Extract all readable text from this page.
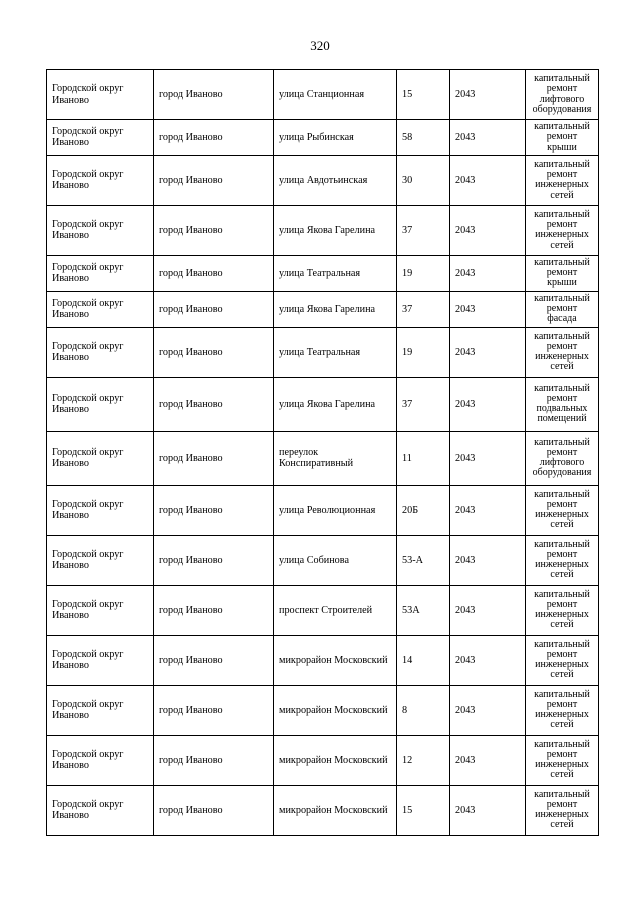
320
Городской округ Иваново	город Иваново	улица Станционная	15	2043	капитальный ремонт лифтового оборудования
Городской округ Иваново	город Иваново	улица Рыбинская	58	2043	капитальный ремонт крыши
Городской округ Иваново	город Иваново	улица Авдотьинская	30	2043	капитальный ремонт инженерных сетей
Городской округ Иваново	город Иваново	улица Якова Гарелина	37	2043	капитальный ремонт инженерных сетей
Городской округ Иваново	город Иваново	улица Театральная	19	2043	капитальный ремонт крыши
Городской округ Иваново	город Иваново	улица Якова Гарелина	37	2043	капитальный ремонт фасада
Городской округ Иваново	город Иваново	улица Театральная	19	2043	капитальный ремонт инженерных сетей
Городской округ Иваново	город Иваново	улица Якова Гарелина	37	2043	капитальный ремонт подвальных помещений
Городской округ Иваново	город Иваново	переулок Конспиративный	11	2043	капитальный ремонт лифтового оборудования
Городской округ Иваново	город Иваново	улица Революционная	20Б	2043	капитальный ремонт инженерных сетей
Городской округ Иваново	город Иваново	улица Собинова	53-А	2043	капитальный ремонт инженерных сетей
Городской округ Иваново	город Иваново	проспект Строителей	53А	2043	капитальный ремонт инженерных сетей
Городской округ Иваново	город Иваново	микрорайон Московский	14	2043	капитальный ремонт инженерных сетей
Городской округ Иваново	город Иваново	микрорайон Московский	8	2043	капитальный ремонт инженерных сетей
Городской округ Иваново	город Иваново	микрорайон Московский	12	2043	капитальный ремонт инженерных сетей
Городской округ Иваново	город Иваново	микрорайон Московский	15	2043	капитальный ремонт инженерных сетей
